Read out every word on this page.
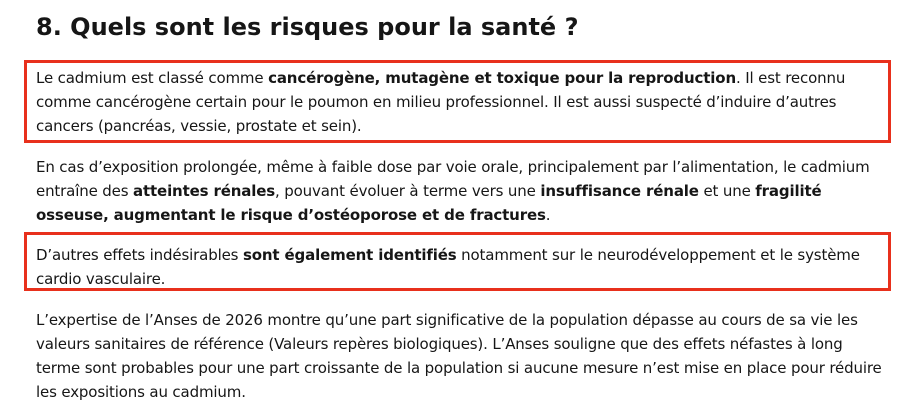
8. Quels sont les risques pour la santé ?

Le cadmium est classé comme cancérogène, mutagène et toxique pour la reproduction. Il est reconnu comme cancérogène certain pour le poumon en milieu professionnel. Il est aussi suspecté d’induire d’autres cancers (pancréas, vessie, prostate et sein).

En cas d’exposition prolongée, même à faible dose par voie orale, principalement par l’alimentation, le cadmium entraîne des atteintes rénales, pouvant évoluer à terme vers une insuffisance rénale et une fragilité osseuse, augmentant le risque d’ostéoporose et de fractures.

D’autres effets indésirables sont également identifiés notamment sur le neurodéveloppement et le système cardio vasculaire.

L’expertise de l’Anses de 2026 montre qu’une part significative de la population dépasse au cours de sa vie les valeurs sanitaires de référence (Valeurs repères biologiques). L’Anses souligne que des effets néfastes à long terme sont probables pour une part croissante de la population si aucune mesure n’est mise en place pour réduire les expositions au cadmium.
